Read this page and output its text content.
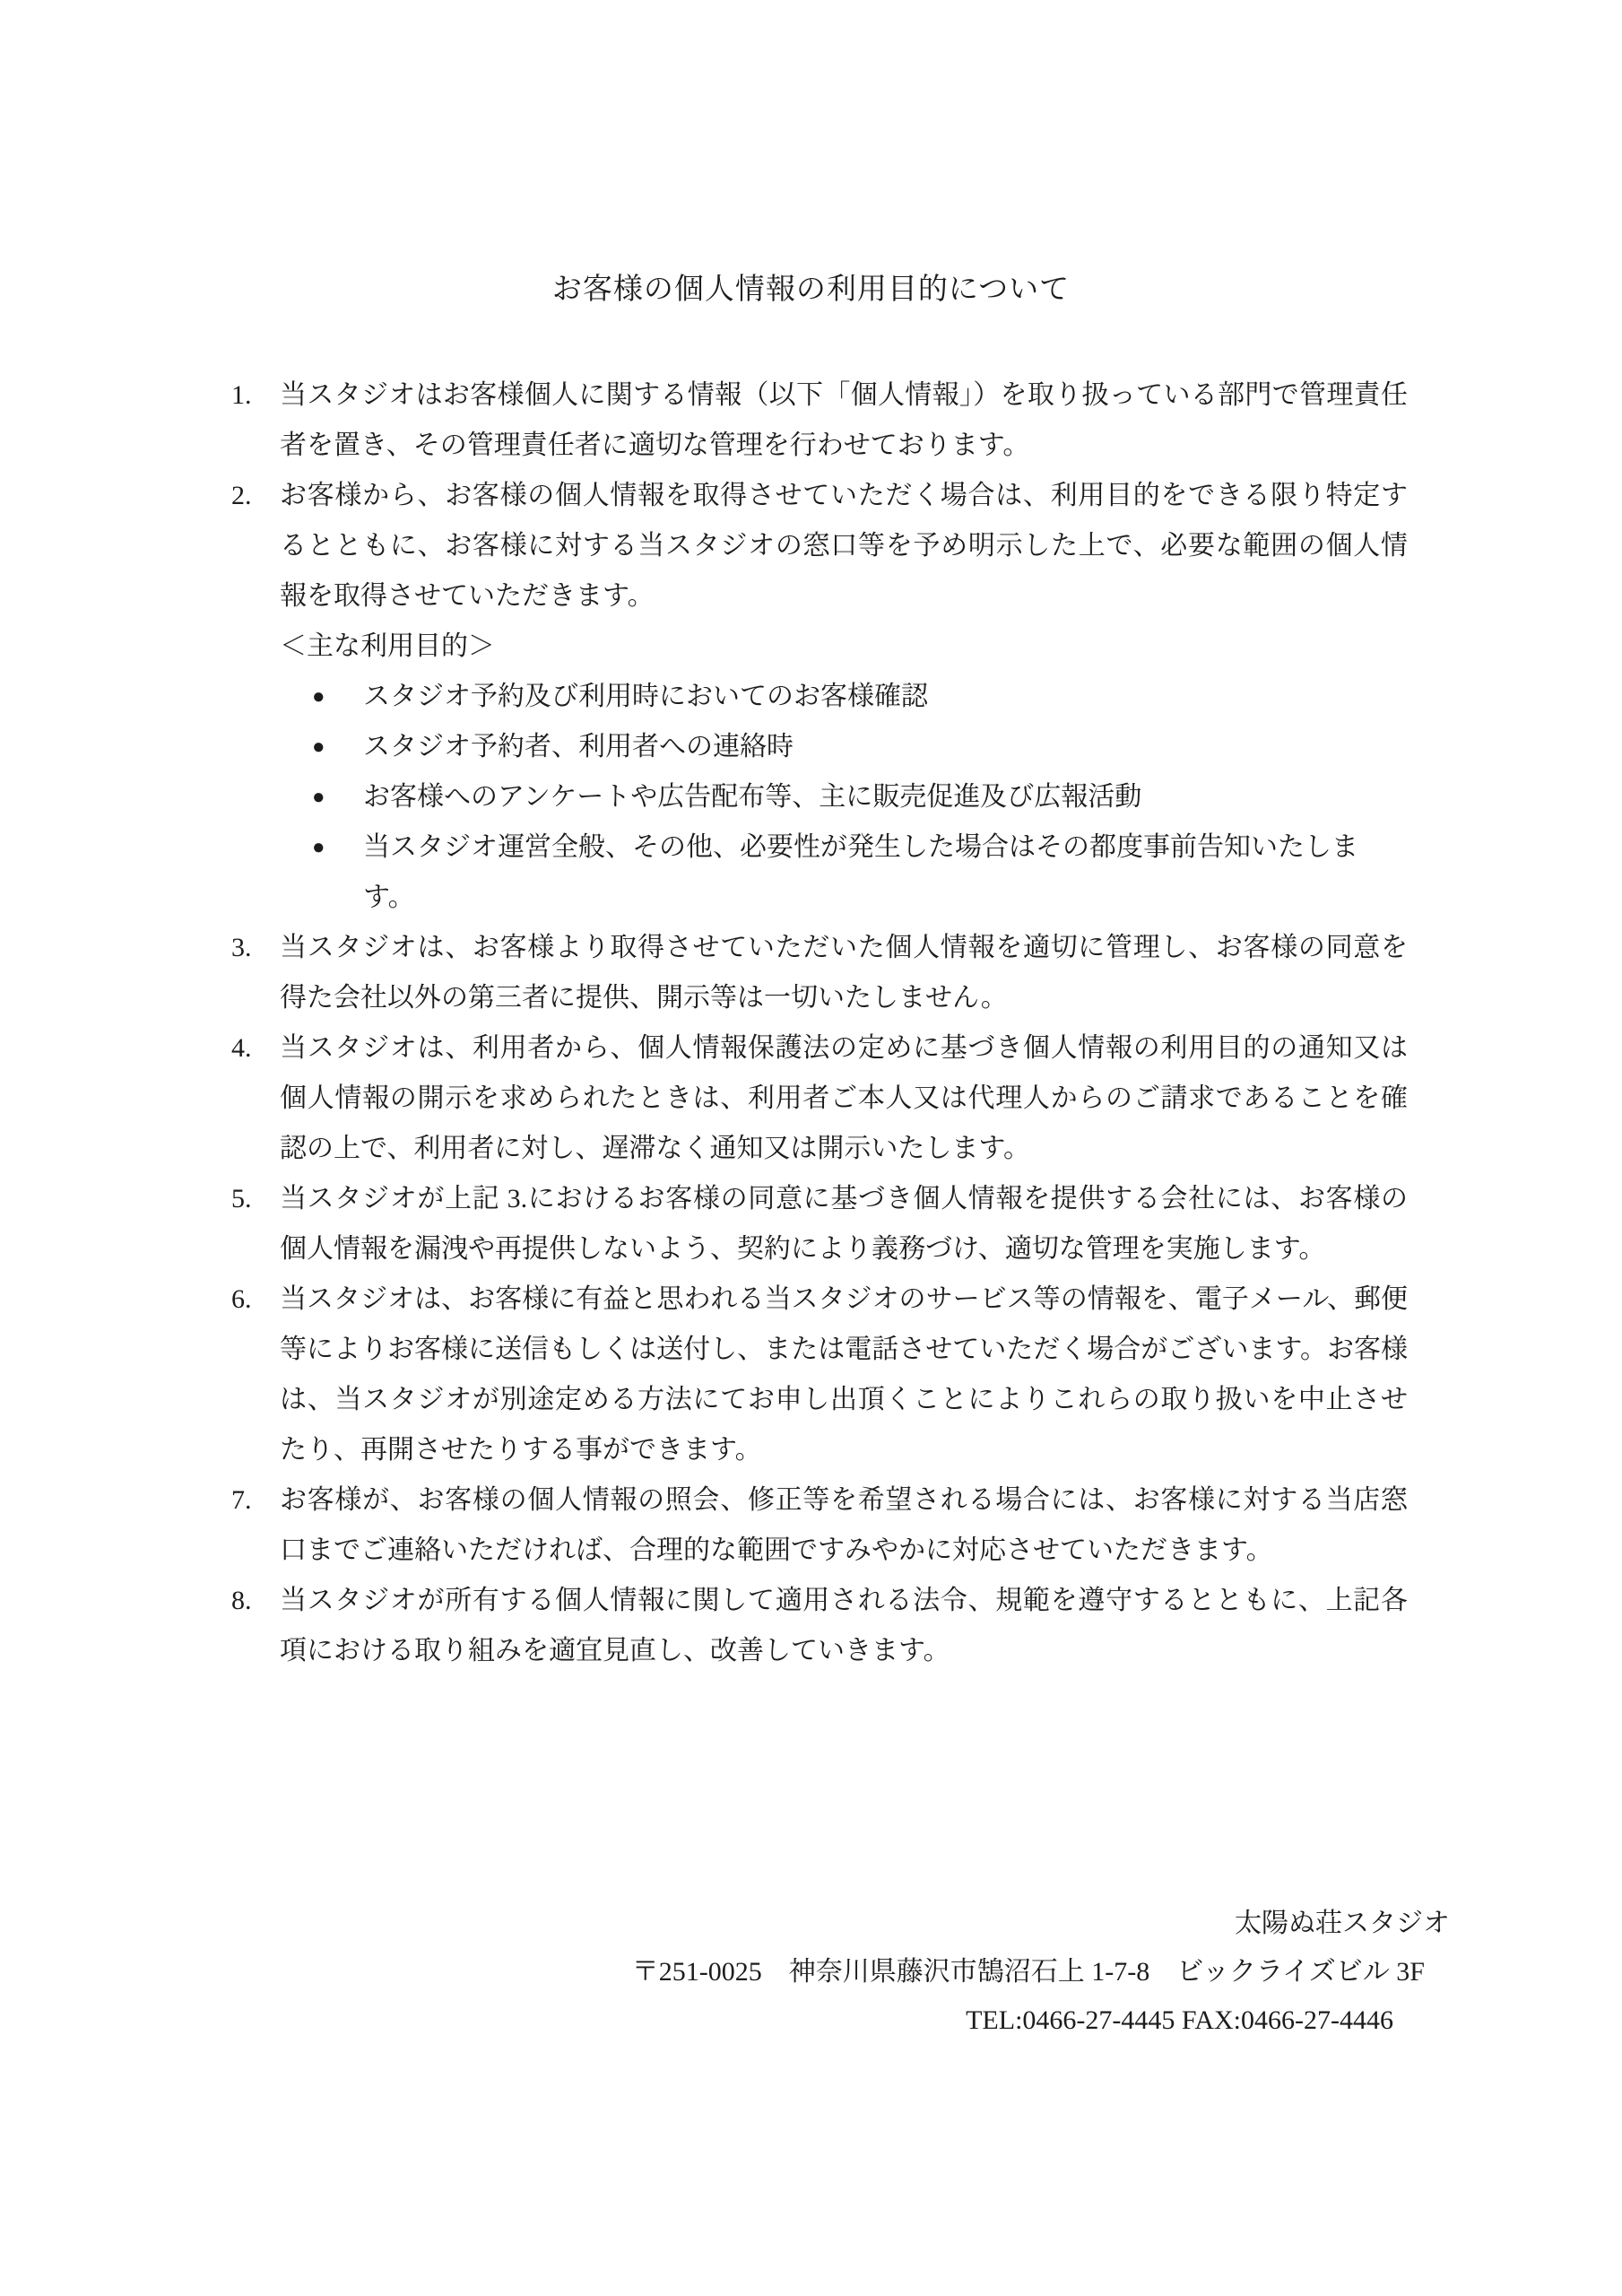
お客様の個人情報の利用目的について
1.	当スタジオはお客様個人に関する情報（以下「個人情報」）を取り扱っている部門で管理責任者を置き、その管理責任者に適切な管理を行わせております。
2.	お客様から、お客様の個人情報を取得させていただく場合は、利用目的をできる限り特定するとともに、お客様に対する当スタジオの窓口等を予め明示した上で、必要な範囲の個人情報を取得させていただきます。
＜主な利用目的＞
●	スタジオ予約及び利用時においてのお客様確認
●	スタジオ予約者、利用者への連絡時
●	お客様へのアンケートや広告配布等、主に販売促進及び広報活動
●	当スタジオ運営全般、その他、必要性が発生した場合はその都度事前告知いたします。
3.	当スタジオは、お客様より取得させていただいた個人情報を適切に管理し、お客様の同意を得た会社以外の第三者に提供、開示等は一切いたしません。
4.	当スタジオは、利用者から、個人情報保護法の定めに基づき個人情報の利用目的の通知又は個人情報の開示を求められたときは、利用者ご本人又は代理人からのご請求であることを確認の上で、利用者に対し、遅滞なく通知又は開示いたします。
5.	当スタジオが上記 3.におけるお客様の同意に基づき個人情報を提供する会社には、お客様の個人情報を漏洩や再提供しないよう、契約により義務づけ、適切な管理を実施します。
6.	当スタジオは、お客様に有益と思われる当スタジオのサービス等の情報を、電子メール、郵便等によりお客様に送信もしくは送付し、または電話させていただく場合がございます。お客様は、当スタジオが別途定める方法にてお申し出頂くことによりこれらの取り扱いを中止させたり、再開させたりする事ができます。
7.	お客様が、お客様の個人情報の照会、修正等を希望される場合には、お客様に対する当店窓口までご連絡いただければ、合理的な範囲ですみやかに対応させていただきます。
8.	当スタジオが所有する個人情報に関して適用される法令、規範を遵守するとともに、上記各項における取り組みを適宜見直し、改善していきます。
太陽ぬ荘スタジオ
〒251-0025　神奈川県藤沢市鵠沼石上 1-7-8　ビックライズビル 3F
TEL:0466-27-4445 FAX:0466-27-4446
